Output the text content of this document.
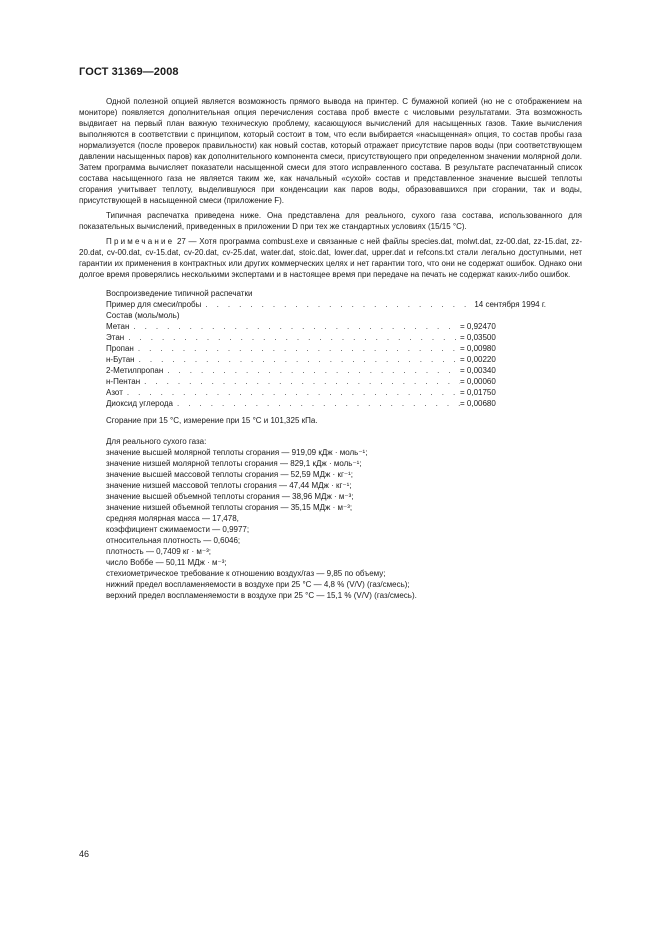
ГОСТ 31369—2008

Одной полезной опцией является возможность прямого вывода на принтер. С бумажной копией (но не с отображением на мониторе) появляется дополнительная опция перечисления состава проб вместе с числовыми результатами. Эта возможность выдвигает на первый план важную техническую проблему, касающуюся вычислений для насыщенных газов. Такие вычисления выполняются в соответствии с принципом, который состоит в том, что если выбирается «насыщенная» опция, то состав пробы газа нормализуется (после проверок правильности) как новый состав, который отражает присутствие паров воды (при соответствующем давлении насыщенных паров) как дополнительного компонента смеси, присутствующего при определенном значении молярной доли. Затем программа вычисляет показатели насыщенной смеси для этого исправленного состава. В результате распечатанный список состава насыщенного газа не является таким же, как начальный «сухой» состав и представленное значение высшей теплоты сгорания учитывает теплоту, выделившуюся при конденсации как паров воды, образовавшихся при сгорании, так и воды, присутствующей в насыщенной смеси (приложение F).

Типичная распечатка приведена ниже. Она представлена для реального, сухого газа состава, использованного для показательных вычислений, приведенных в приложении D при тех же стандартных условиях (15/15 °С).

Примечание 27 — Хотя программа combust.exe и связанные с ней файлы species.dat, molwt.dat, zz-00.dat, zz-15.dat, zz-20.dat, cv-00.dat, cv-15.dat, cv-20.dat, cv-25.dat, water.dat, stoic.dat, lower.dat, upper.dat и refcons.txt стали легально доступными, нет гарантии их применения в контрактных или других коммерческих целях и нет гарантии того, что они не содержат ошибок. Однако они долгое время проверялись несколькими экспертами и в настоящее время при передаче на печать не содержат каких-либо ошибок.

Воспроизведение типичной распечатки
Пример для смеси/пробы . . .	14 сентября 1994 г.
Состав (моль/моль)
Метан . . .	= 0,92470
Этан . . .	= 0,03500
Пропан . . .	= 0,00980
н-Бутан . . .	= 0,00220
2-Метилпропан . . .	= 0,00340
н-Пентан . . .	= 0,00060
Азот . . .	= 0,01750
Диоксид углерода . . .	= 0,00680
Сгорание при 15 °С, измерение при 15 °С и 101,325 кПа.
Для реального сухого газа:
значение высшей молярной теплоты сгорания — 919,09 кДж · моль⁻¹;
значение низшей молярной теплоты сгорания — 829,1 кДж · моль⁻¹;
значение высшей массовой теплоты сгорания — 52,59 МДж · кг⁻¹;
значение низшей массовой теплоты сгорания — 47,44 МДж · кг⁻¹;
значение высшей объемной теплоты сгорания — 38,96 МДж · м⁻³;
значение низшей объемной теплоты сгорания — 35,15 МДж · м⁻³;
средняя молярная масса — 17,478,
коэффициент сжимаемости — 0,9977;
относительная плотность — 0,6046;
плотность — 0,7409 кг · м⁻³;
число Воббе — 50,11 МДж · м⁻³;
стехиометрическое требование к отношению воздух/газ — 9,85 по объему;
нижний предел воспламеняемости в воздухе при 25 °С — 4,8 % (V/V) (газ/смесь);
верхний предел воспламеняемости в воздухе при 25 °С — 15,1 % (V/V) (газ/смесь).
46
